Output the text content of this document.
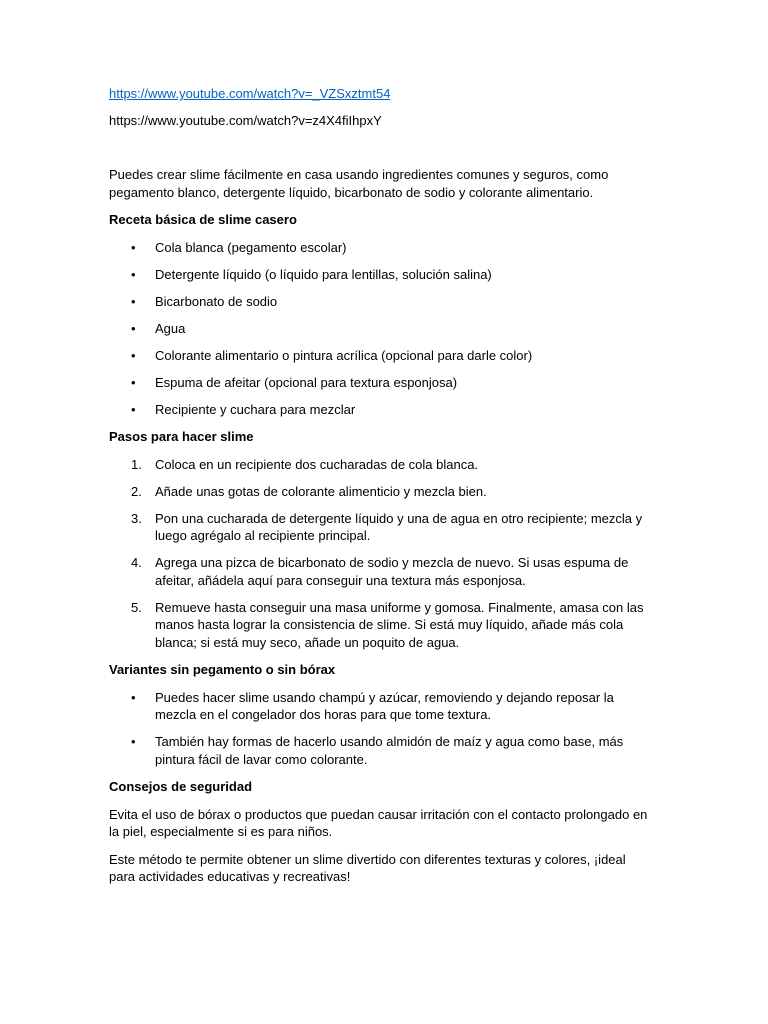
https://www.youtube.com/watch?v=_VZSxztmt54
https://www.youtube.com/watch?v=z4X4fiIhpxY

Puedes crear slime fácilmente en casa usando ingredientes comunes y seguros, como pegamento blanco, detergente líquido, bicarbonato de sodio y colorante alimentario.

Receta básica de slime casero

• Cola blanca (pegamento escolar)
• Detergente líquido (o líquido para lentillas, solución salina)
• Bicarbonato de sodio
• Agua
• Colorante alimentario o pintura acrílica (opcional para darle color)
• Espuma de afeitar (opcional para textura esponjosa)
• Recipiente y cuchara para mezclar

Pasos para hacer slime

1.	Coloca en un recipiente dos cucharadas de cola blanca.
2.	Añade unas gotas de colorante alimenticio y mezcla bien.
3.	Pon una cucharada de detergente líquido y una de agua en otro recipiente; mezcla y luego agrégalo al recipiente principal.
4.	Agrega una pizca de bicarbonato de sodio y mezcla de nuevo. Si usas espuma de afeitar, añádela aquí para conseguir una textura más esponjosa.
5.	Remueve hasta conseguir una masa uniforme y gomosa. Finalmente, amasa con las manos hasta lograr la consistencia de slime. Si está muy líquido, añade más cola blanca; si está muy seco, añade un poquito de agua.

Variantes sin pegamento o sin bórax

• Puedes hacer slime usando champú y azúcar, removiendo y dejando reposar la mezcla en el congelador dos horas para que tome textura.
• También hay formas de hacerlo usando almidón de maíz y agua como base, más pintura fácil de lavar como colorante.

Consejos de seguridad

Evita el uso de bórax o productos que puedan causar irritación con el contacto prolongado en la piel, especialmente si es para niños.

Este método te permite obtener un slime divertido con diferentes texturas y colores, ¡ideal para actividades educativas y recreativas!
